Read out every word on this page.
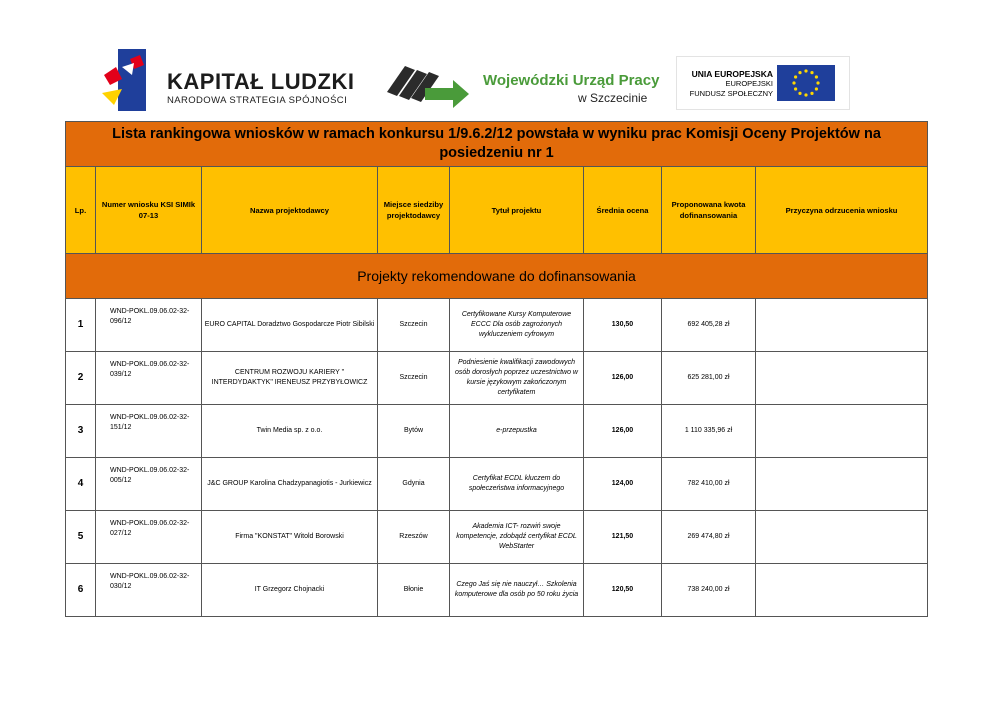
KAPITAŁ LUDZKI
NARODOWA STRATEGIA SPÓJNOŚCI
Wojewódzki Urząd Pracy
w Szczecinie
UNIA EUROPEJSKA
EUROPEJSKI
FUNDUSZ SPOŁECZNY
Lista rankingowa wniosków w ramach konkursu 1/9.6.2/12 powstała w wyniku prac Komisji Oceny Projektów na posiedzeniu nr 1							
Lp.	Numer wniosku KSI SIMIk 07-13	Nazwa projektodawcy	Miejsce siedziby projektodawcy	Tytuł projektu	Średnia ocena	Proponowana kwota dofinansowania	Przyczyna odrzucenia wniosku
Projekty rekomendowane do dofinansowania							
1	WND-POKL.09.06.02-32-096/12	EURO CAPITAL Doradztwo Gospodarcze Piotr Sibilski	Szczecin	Certyfikowane Kursy Komputerowe ECCC Dla osób zagrożonych wykluczeniem cyfrowym	130,50	692 405,28 zł	
2	WND-POKL.09.06.02-32-039/12	CENTRUM ROZWOJU KARIERY " INTERDYDAKTYK" IRENEUSZ PRZYBYŁOWICZ	Szczecin	Podniesienie kwalifikacji zawodowych osób dorosłych poprzez uczestnictwo w kursie językowym zakończonym certyfikatem	126,00	625 281,00 zł	
3	WND-POKL.09.06.02-32-151/12	Twin Media sp. z o.o.	Bytów	e-przepustka	126,00	1 110 335,96 zł	
4	WND-POKL.09.06.02-32-005/12	J&C GROUP Karolina Chadzypanagiotis - Jurkiewicz	Gdynia	Certyfikat ECDL kluczem do społeczeństwa informacyjnego	124,00	782 410,00 zł	
5	WND-POKL.09.06.02-32-027/12	Firma "KONSTAT" Witold Borowski	Rzeszów	Akademia ICT- rozwiń swoje kompetencje, zdobądź certyfikat ECDL WebStarter	121,50	269 474,80 zł	
6	WND-POKL.09.06.02-32-030/12	IT Grzegorz Chojnacki	Błonie	Czego Jaś się nie nauczył… Szkolenia komputerowe dla osób po 50 roku życia	120,50	738 240,00 zł	
